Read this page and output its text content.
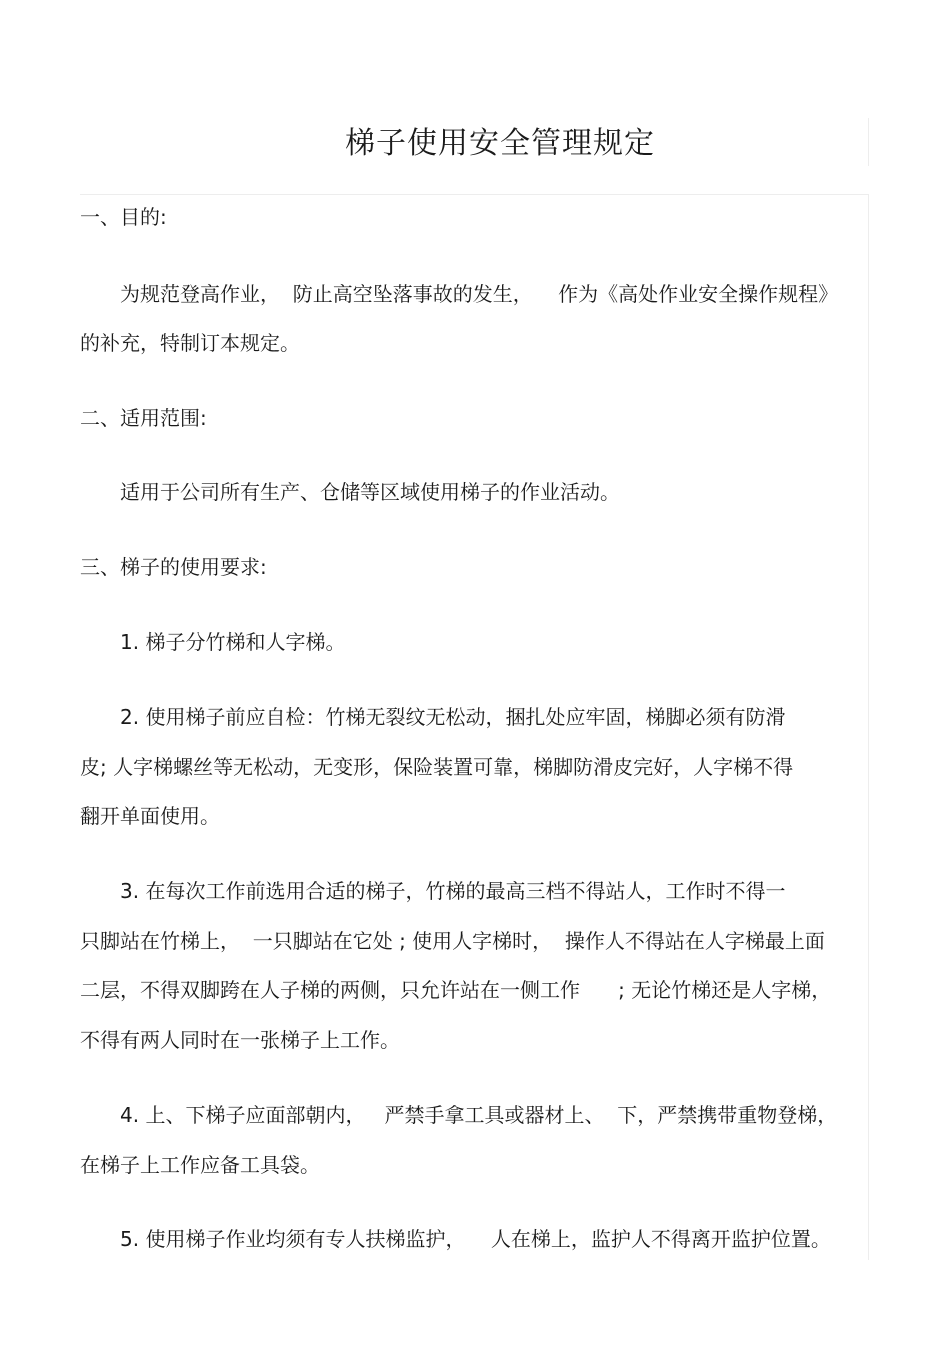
梯子使用安全管理规定

一、目的:

为规范登高作业，  防止高空坠落事故的发生，    作为《高处作业安全操作规程》

的补充，特制订本规定。

二、适用范围:

适用于公司所有生产、仓储等区域使用梯子的作业活动。

三、梯子的使用要求:

1. 梯子分竹梯和人字梯。

2. 使用梯子前应自检：竹梯无裂纹无松动，捆扎处应牢固，梯脚必须有防滑

皮; 人字梯螺丝等无松动，无变形，保险装置可靠，梯脚防滑皮完好，人字梯不得

翻开单面使用。

3. 在每次工作前选用合适的梯子，竹梯的最高三档不得站人，工作时不得一

只脚站在竹梯上，  一只脚站在它处 ; 使用人字梯时，  操作人不得站在人字梯最上面

二层，不得双脚跨在人子梯的两侧，只允许站在一侧工作      ; 无论竹梯还是人字梯，

不得有两人同时在一张梯子上工作。

4. 上、下梯子应面部朝内，   严禁手拿工具或器材上、  下，严禁携带重物登梯，

在梯子上工作应备工具袋。

5. 使用梯子作业均须有专人扶梯监护，    人在梯上，监护人不得离开监护位置。
